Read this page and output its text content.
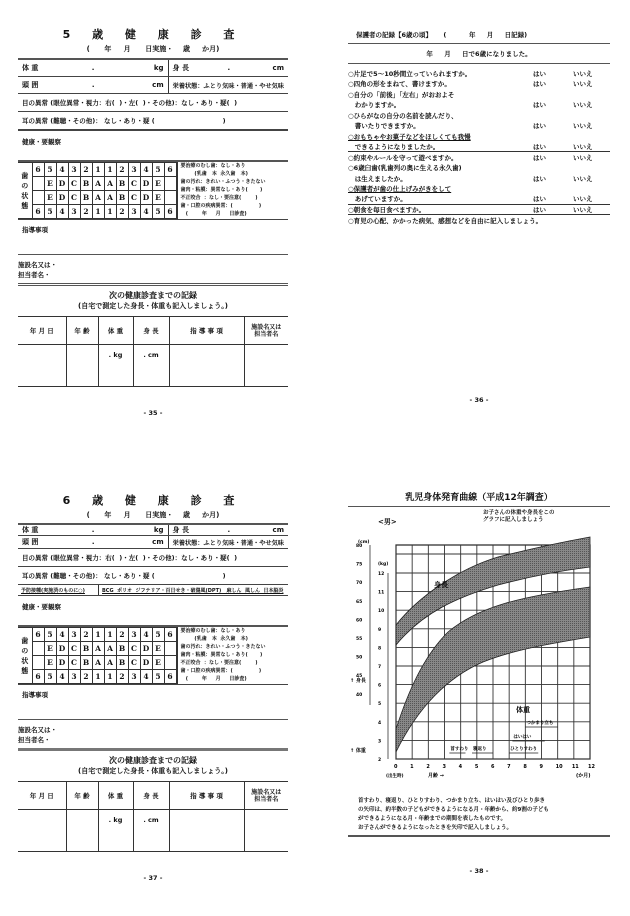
5 歳 健 康 診 査
(      年     月      日実施・    歳     か月)
体 重	.	kg	身 長	.	cm
頭 囲	.	cm	栄養状態：ふとり気味・普通・やせ気味
目の異常 (眼位異常・視力：右(  )・左(  )・その他)：なし・あり・疑(  )
耳の異常 (難聴・その他)： なし・あり・疑 (                              )
健康・要観察
歯の状態	6	5	4	3	2	1	1	2	3	4	5	6
		E	D	C	B	A	A	B	C	D	E	
		E	D	C	B	A	A	B	C	D	E	
	6	5	4	3	2	1	1	2	3	4	5	6
要治療のむし歯：なし・あり
(乳歯   本  永久歯   本)
歯の汚れ：きれい・ふつう・きたない
歯肉・粘膜：異常なし・あり(       )
不正咬合  ：なし・要注意(        )
歯・口腔の疾病異常：(               )
(        年     月     日診査)
指導事項
施設名又は・
担当者名・
次の健康診査までの記録
(自宅で測定した身長・体重も記入しましょう。)
年 月 日	年 齢	体 重	身 長	指 導 事 項	施設名又は
担当者名
		. kg	. cm		
- 35 -
保護者の記録【6歳の頃】     (          年     月     日記録)
年     月     日で6歳になりました。
○片足で5〜10秒間立っていられますか。	はい	いいえ
○四角の形をまねて、書けますか。	はい	いいえ
○自分の「前後」「左右」がおおよそ
わかりますか。	はい	いいえ
○ひらがなの自分の名前を読んだり、
書いたりできますか。	はい	いいえ
○おもちゃやお菓子などをほしくても我慢
できるようになりましたか。	はい	いいえ
○約束やルールを守って遊べますか。	はい	いいえ
○6歳臼歯(乳歯列の奥に生える永久歯)
は生えましたか。	はい	いいえ
○保護者が歯の仕上げみがきをして
あげていますか。	はい	いいえ
○朝食を毎日食べますか。	はい	いいえ
○育児の心配、かかった病気、感想などを自由に記入しましょう。
- 36 -
6 歳 健 康 診 査
(      年     月      日実施・    歳     か月)
体 重	.	kg	身 長	.	cm
頭 囲	.	cm	栄養状態：ふとり気味・普通・やせ気味
目の異常 (眼位異常・視力：右(  )・左(  )・その他)：なし・あり・疑(  )
耳の異常 (難聴・その他)： なし・あり・疑 (                              )
予防接種(実施済のものに○)	BCG  ポリオ  ジフテリア・百日せき・破傷風(DPT)   麻しん  風しん  日本脳炎
健康・要観察
歯の状態	6	5	4	3	2	1	1	2	3	4	5	6
		E	D	C	B	A	A	B	C	D	E	
		E	D	C	B	A	A	B	C	D	E	
	6	5	4	3	2	1	1	2	3	4	5	6
要治療のむし歯：なし・あり
(乳歯   本  永久歯   本)
歯の汚れ：きれい・ふつう・きたない
歯肉・粘膜：異常なし・あり(       )
不正咬合  ：なし・要注意(        )
歯・口腔の疾病異常：(               )
(        年     月     日診査)
指導事項
施設名又は・
担当者名・
次の健康診査までの記録
(自宅で測定した身長・体重も記入しましょう。)
年 月 日	年 齢	体 重	身 長	指 導 事 項	施設名又は
担当者名
		. kg	. cm		
- 37 -
乳児身体発育曲線（平成12年調査）
<男>
お子さんの体重や身長をこの
グラフに記入しましょう
(cm)
(kg)
80
75
70
65
60
55
50
45
40
12
11
10
9
8
7
6
5
4
3
2
0	1	2	3	4	5	6	7	8	9	10 11 12
身長
体重
↑ 身長
↑ 体重
(出生時)	月齢 →	(か月)
首すわり 寝返り	ひとりすわり
はいはい
つかまり立ち
首すわり、寝返り、ひとりすわり、つかまり立ち、はいはい及びひとり歩き
の矢印は、約半数の子どもができるようになる月・年齢から、約9割の子ども
ができるようになる月・年齢までの期間を表したものです。
お子さんができるようになったときを矢印で記入しましょう。
- 38 -
